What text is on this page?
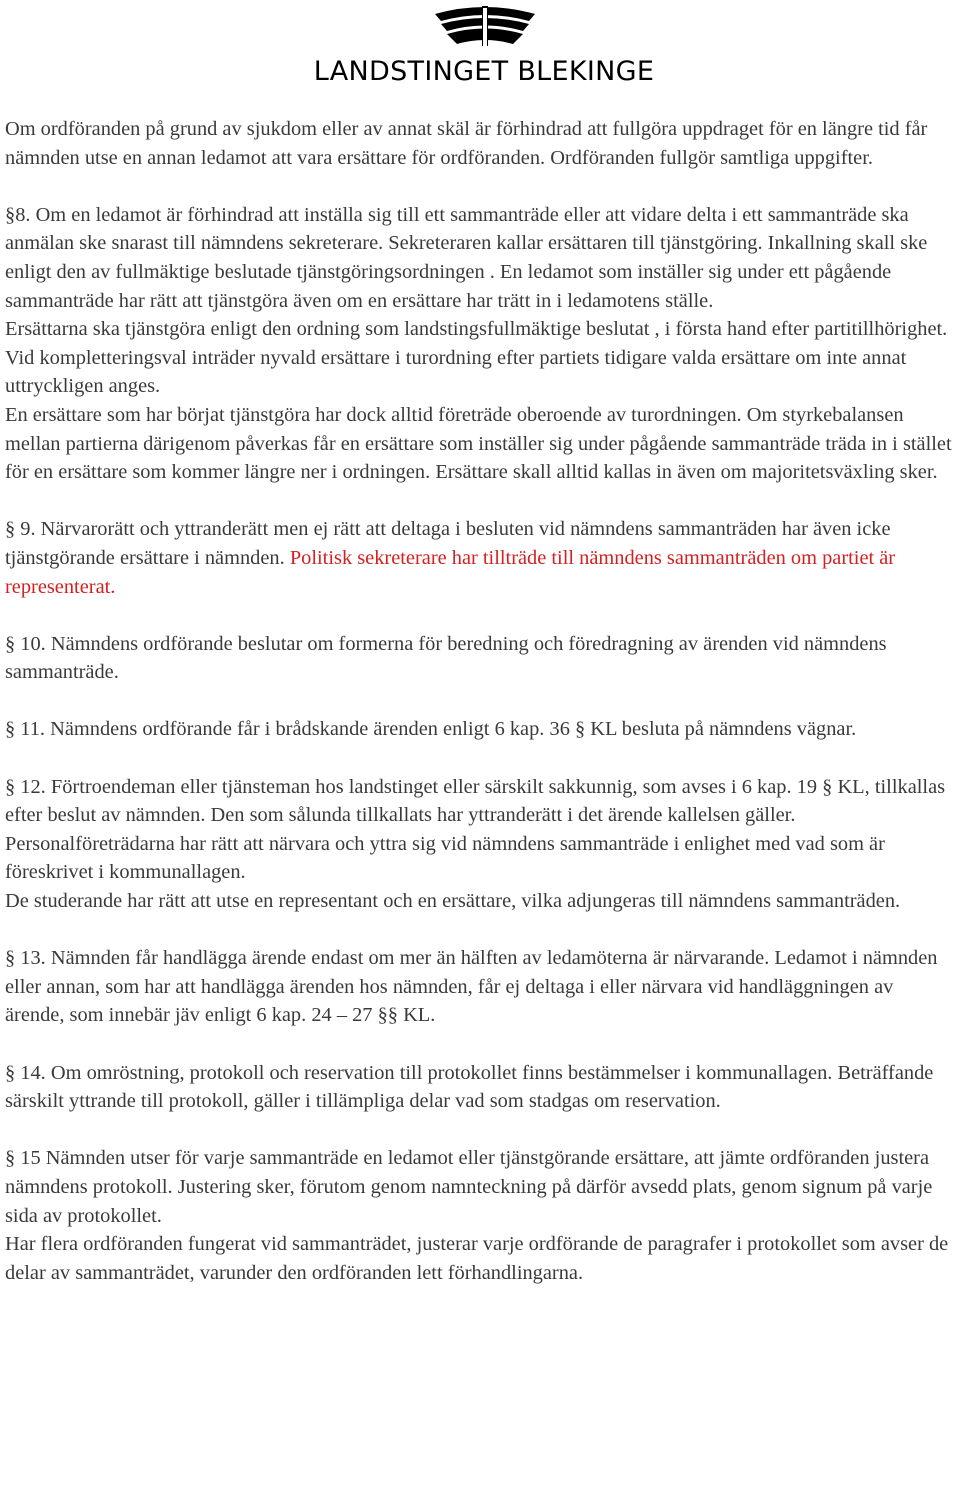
LANDSTINGET BLEKINGE

Om ordföranden på grund av sjukdom eller av annat skäl är förhindrad att fullgöra uppdraget för en längre tid får nämnden utse en annan ledamot att vara ersättare för ordföranden. Ordföranden fullgör samtliga uppgifter.

§8. Om en ledamot är förhindrad att inställa sig till ett sammanträde eller att vidare delta i ett sammanträde ska anmälan ske snarast till nämndens sekreterare. Sekreteraren kallar ersättaren till tjänstgöring. Inkallning skall ske enligt den av fullmäktige beslutade tjänstgöringsordningen . En ledamot som inställer sig under ett pågående sammanträde har rätt att tjänstgöra även om en ersättare har trätt in i ledamotens ställe.

Ersättarna ska tjänstgöra enligt den ordning som landstingsfullmäktige beslutat , i första hand efter partitillhörighet. Vid kompletteringsval inträder nyvald ersättare i turordning efter partiets tidigare valda ersättare om inte annat uttryckligen anges.

En ersättare som har börjat tjänstgöra har dock alltid företräde oberoende av turordningen. Om styrkebalansen mellan partierna därigenom påverkas får en ersättare som inställer sig under pågående sammanträde träda in i stället för en ersättare som kommer längre ner i ordningen. Ersättare skall alltid kallas in även om majoritetsväxling sker.

§ 9. Närvarorätt och yttranderätt men ej rätt att deltaga i besluten vid nämndens sammanträden har även icke tjänstgörande ersättare i nämnden. Politisk sekreterare har tillträde till nämndens sammanträden om partiet är representerat.

§ 10. Nämndens ordförande beslutar om formerna för beredning och föredragning av ärenden vid nämndens sammanträde.

§ 11. Nämndens ordförande får i brådskande ärenden enligt 6 kap. 36 § KL besluta på nämndens vägnar.

§ 12. Förtroendeman eller tjänsteman hos landstinget eller särskilt sakkunnig, som avses i 6 kap. 19 § KL, tillkallas efter beslut av nämnden. Den som sålunda tillkallats har yttranderätt i det ärende kallelsen gäller.

Personalföreträdarna har rätt att närvara och yttra sig vid nämndens sammanträde i enlighet med vad som är föreskrivet i kommunallagen.

De studerande har rätt att utse en representant och en ersättare, vilka adjungeras till nämndens sammanträden.

§ 13. Nämnden får handlägga ärende endast om mer än hälften av ledamöterna är närvarande. Ledamot i nämnden eller annan, som har att handlägga ärenden hos nämnden, får ej deltaga i eller närvara vid handläggningen av ärende, som innebär jäv enligt 6 kap. 24 – 27 §§ KL.

§ 14. Om omröstning, protokoll och reservation till protokollet finns bestämmelser i kommunallagen. Beträffande särskilt yttrande till protokoll, gäller i tillämpliga delar vad som stadgas om reservation.

§ 15 Nämnden utser för varje sammanträde en ledamot eller tjänstgörande ersättare, att jämte ordföranden justera nämndens protokoll. Justering sker, förutom genom namnteckning på därför avsedd plats, genom signum på varje sida av protokollet.

Har flera ordföranden fungerat vid sammanträdet, justerar varje ordförande de paragrafer i protokollet som avser de delar av sammanträdet, varunder den ordföranden lett förhandlingarna.
